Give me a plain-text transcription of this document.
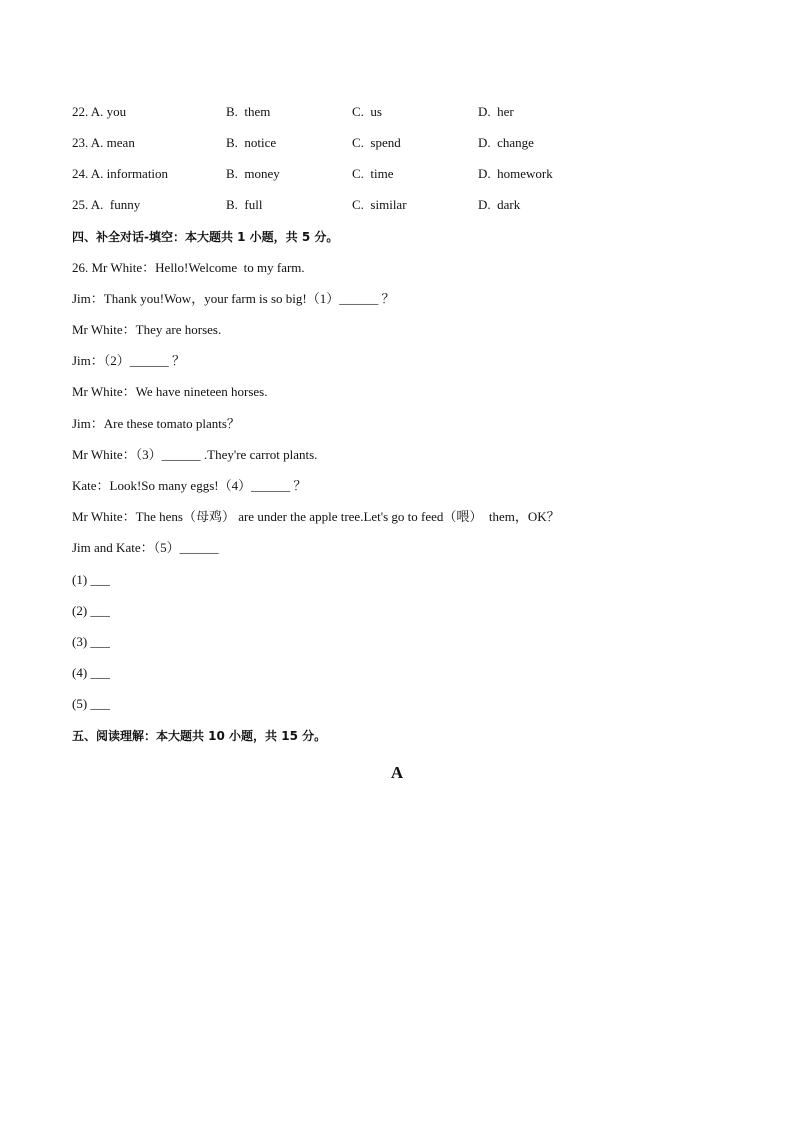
22. A. you	B.  them	C.  us	D.  her
23. A. mean	B.  notice	C.  spend	D.  change
24. A. information	B.  money	C.  time	D.  homework
25. A.  funny	B.  full	C.  similar	D.  dark
四、补全对话-填空：本大题共 1 小题，共 5 分。
26. Mr White：Hello!Welcome  to my farm.
Jim：Thank you!Wow，your farm is so big!（1）______ ？
Mr White：They are horses.
Jim：（2）______ ？
Mr White：We have nineteen horses.
Jim：Are these tomato plants？
Mr White：（3）______ .They're carrot plants.
Kate：Look!So many eggs!（4）______ ？
Mr White：The hens（母鸡） are under the apple tree.Let's go to feed（喂）  them，OK？
Jim and Kate：（5）______
(1) ___
(2) ___
(3) ___
(4) ___
(5) ___
五、阅读理解：本大题共 10 小题，共 15 分。
A
